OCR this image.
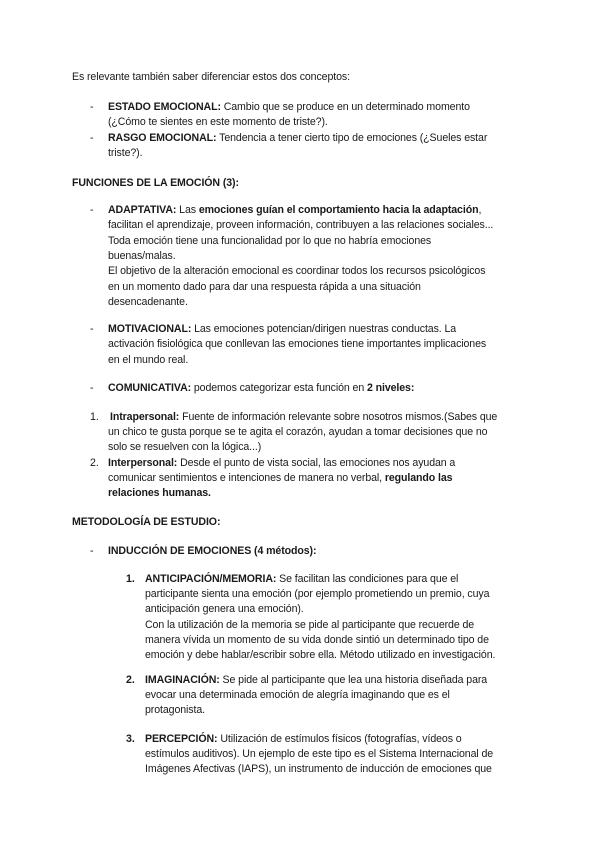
Es relevante también saber diferenciar estos dos conceptos:
- ESTADO EMOCIONAL: Cambio que se produce en un determinado momento
(¿Cómo te sientes en este momento de triste?).
- RASGO EMOCIONAL: Tendencia a tener cierto tipo de emociones (¿Sueles estar
triste?).
FUNCIONES DE LA EMOCIÓN (3):
- ADAPTATIVA: Las emociones guían el comportamiento hacia la adaptación,
facilitan el aprendizaje, proveen información, contribuyen a las relaciones sociales...
Toda emoción tiene una funcionalidad por lo que no habría emociones
buenas/malas.
El objetivo de la alteración emocional es coordinar todos los recursos psicológicos
en un momento dado para dar una respuesta rápida a una situación
desencadenante.
- MOTIVACIONAL: Las emociones potencian/dirigen nuestras conductas. La
activación fisiológica que conllevan las emociones tiene importantes implicaciones
en el mundo real.
- COMUNICATIVA: podemos categorizar esta función en 2 niveles:
1. Intrapersonal: Fuente de información relevante sobre nosotros mismos.(Sabes que
un chico te gusta porque se te agita el corazón, ayudan a tomar decisiones que no
solo se resuelven con la lógica...)
2. Interpersonal: Desde el punto de vista social, las emociones nos ayudan a
comunicar sentimientos e intenciones de manera no verbal, regulando las
relaciones humanas.
METODOLOGÍA DE ESTUDIO:
- INDUCCIÓN DE EMOCIONES (4 métodos):
1. ANTICIPACIÓN/MEMORIA: Se facilitan las condiciones para que el
participante sienta una emoción (por ejemplo prometiendo un premio, cuya
anticipación genera una emoción).
Con la utilización de la memoria se pide al participante que recuerde de
manera vívida un momento de su vida donde sintió un determinado tipo de
emoción y debe hablar/escribir sobre ella. Método utilizado en investigación.
2. IMAGINACIÓN: Se pide al participante que lea una historia diseñada para
evocar una determinada emoción de alegría imaginando que es el
protagonista.
3. PERCEPCIÓN: Utilización de estímulos físicos (fotografías, vídeos o
estímulos auditivos). Un ejemplo de este tipo es el Sistema Internacional de
Imágenes Afectivas (IAPS), un instrumento de inducción de emociones que
